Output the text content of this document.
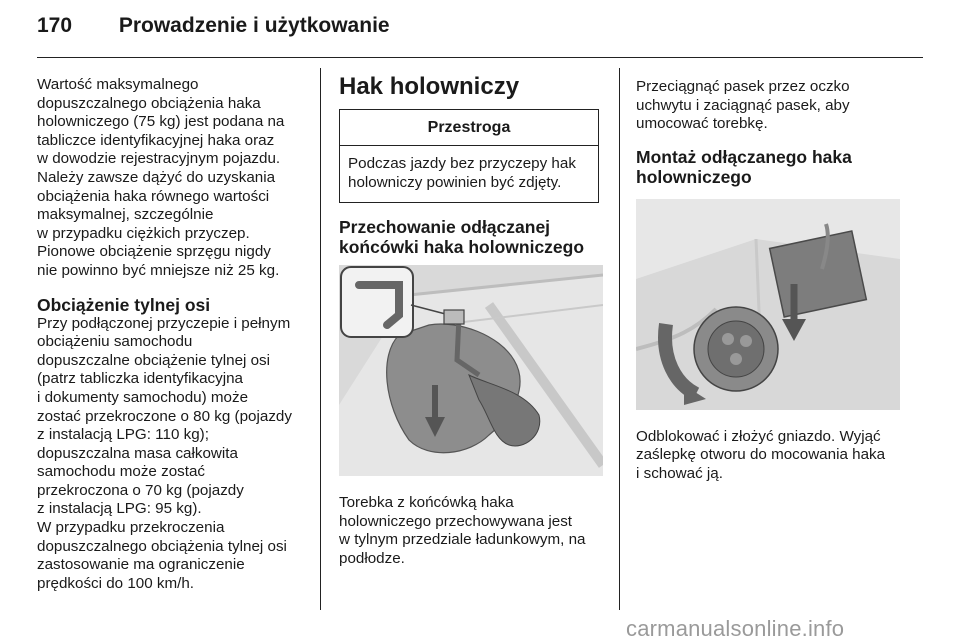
170 Prowadzenie i użytkowanie

Wartość maksymalnego
dopuszczalnego obciążenia haka
holowniczego (75 kg) jest podana na
tabliczce identyfikacyjnej haka oraz
w dowodzie rejestracyjnym pojazdu.
Należy zawsze dążyć do uzyskania
obciążenia haka równego wartości
maksymalnej, szczególnie
w przypadku ciężkich przyczep.
Pionowe obciążenie sprzęgu nigdy
nie powinno być mniejsze niż 25 kg.

Obciążenie tylnej osi

Przy podłączonej przyczepie i pełnym
obciążeniu samochodu
dopuszczalne obciążenie tylnej osi
(patrz tabliczka identyfikacyjna
i dokumenty samochodu) może
zostać przekroczone o 80 kg (pojazdy
z instalacją LPG: 110 kg);
dopuszczalna masa całkowita
samochodu może zostać
przekroczona o 70 kg (pojazdy
z instalacją LPG: 95 kg).
W przypadku przekroczenia
dopuszczalnego obciążenia tylnej osi
zastosowanie ma ograniczenie
prędkości do 100 km/h.

Hak holowniczy
Przestroga

Podczas jazdy bez przyczepy hak
holowniczy powinien być zdjęty.

Przechowanie odłączanej
końcówki haka holowniczego

Torebka z końcówką haka
holowniczego przechowywana jest
w tylnym przedziale ładunkowym, na
podłodze.

Przeciągnąć pasek przez oczko
uchwytu i zaciągnąć pasek, aby
umocować torebkę.

Montaż odłączanego haka
holowniczego

Odblokować i złożyć gniazdo. Wyjąć
zaślepkę otworu do mocowania haka
i schować ją.

carmanualsonline.info
